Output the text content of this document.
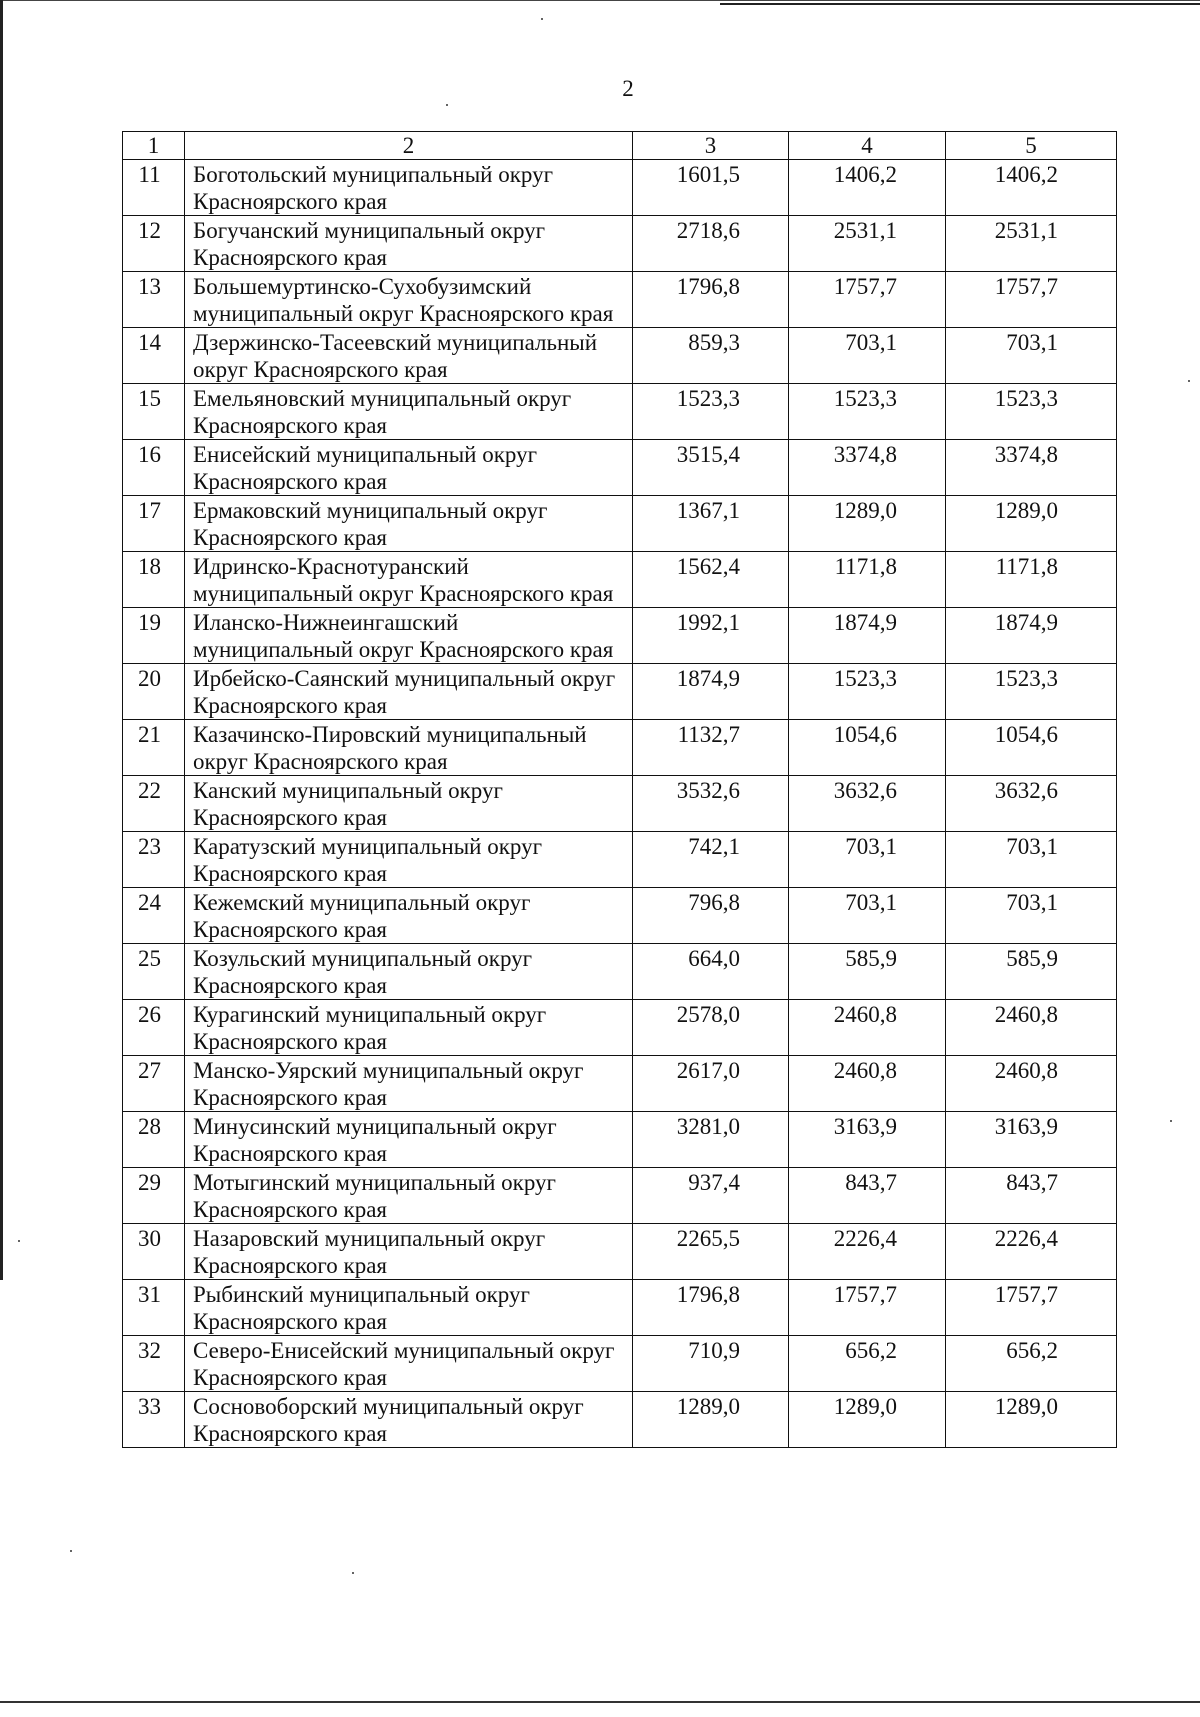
2
1	2	3	4	5
11	Боготольский муниципальный округ Красноярского края	1601,5	1406,2	1406,2
12	Богучанский муниципальный округ Красноярского края	2718,6	2531,1	2531,1
13	Большемуртинско-Сухобузимский муниципальный округ Красноярского края	1796,8	1757,7	1757,7
14	Дзержинско-Тасеевский муниципальный округ Красноярского края	859,3	703,1	703,1
15	Емельяновский муниципальный округ Красноярского края	1523,3	1523,3	1523,3
16	Енисейский муниципальный округ Красноярского края	3515,4	3374,8	3374,8
17	Ермаковский муниципальный округ Красноярского края	1367,1	1289,0	1289,0
18	Идринско-Краснотуранский муниципальный округ Красноярского края	1562,4	1171,8	1171,8
19	Иланско-Нижнеингашский муниципальный округ Красноярского края	1992,1	1874,9	1874,9
20	Ирбейско-Саянский муниципальный округ Красноярского края	1874,9	1523,3	1523,3
21	Казачинско-Пировский муниципальный округ Красноярского края	1132,7	1054,6	1054,6
22	Канский муниципальный округ Красноярского края	3532,6	3632,6	3632,6
23	Каратузский муниципальный округ Красноярского края	742,1	703,1	703,1
24	Кежемский муниципальный округ Красноярского края	796,8	703,1	703,1
25	Козульский муниципальный округ Красноярского края	664,0	585,9	585,9
26	Курагинский муниципальный округ Красноярского края	2578,0	2460,8	2460,8
27	Манско-Уярский муниципальный округ Красноярского края	2617,0	2460,8	2460,8
28	Минусинский муниципальный округ Красноярского края	3281,0	3163,9	3163,9
29	Мотыгинский муниципальный округ Красноярского края	937,4	843,7	843,7
30	Назаровский муниципальный округ Красноярского края	2265,5	2226,4	2226,4
31	Рыбинский муниципальный округ Красноярского края	1796,8	1757,7	1757,7
32	Северо-Енисейский муниципальный округ Красноярского края	710,9	656,2	656,2
33	Сосновоборский муниципальный округ Красноярского края	1289,0	1289,0	1289,0
